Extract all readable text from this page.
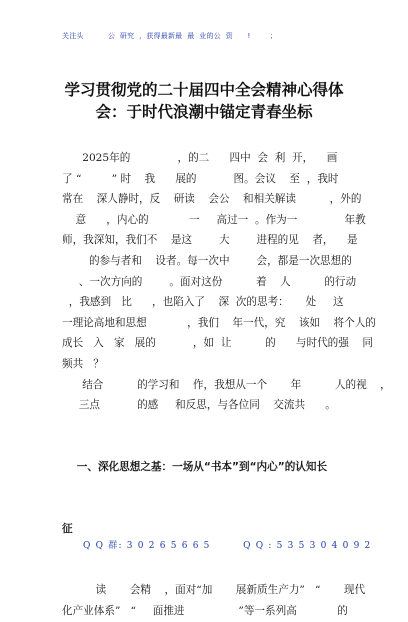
关注头          公  研究  ，获得最新最  最  业的公  资      !        ；
学习贯彻党的二十届四中全会精神心得体
会：于时代浪潮中锚定青春坐标
2025年的              ，的二      四中  会  利  开，    画
了 “         ” 时    我      展的           图。会议    至  ，我时
常在    深人静时，反    研读    会公    和相关解读          ，外的
意      ，内心的            一     高过一  。作为一              年教
师，我深知，我们不    是这        大        进程的见    者，    是
的参与者和    设者。每一次中        会，都是一次思想的
、一次方向的        。面对这份          着    人          的行动
，我感到   比      ，也陷入了    深  次的思考：     处     这
一理论高地和思想            ，我们    年一代，究    该如    将个人的
成长   入   家   展的           ，如  让          的      与时代的强    同
频共   ？
结合          的学习和    作，我想从一个       年          人的视    ，
三点           的感     和反思，与各位同    交流共      。

一、深化思想之基：一场从“书本”到“内心”的认知长

征

读       会精    ，面对“加       展新质生产力”   “       现代
化产业体系”   “     面推进                ”等一系列高            的
Q Q 群: 3 0 2 6 5 6 6 5        Q Q : 5 3 5 3 0 4 0 9 2
